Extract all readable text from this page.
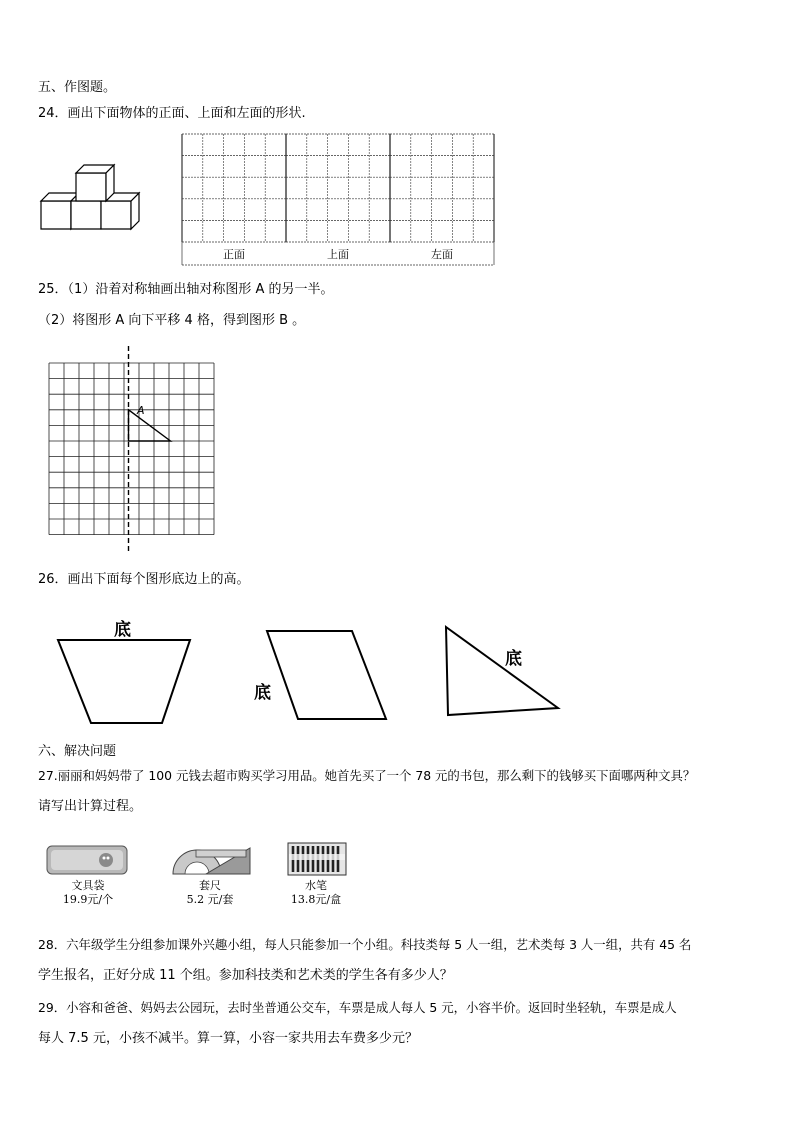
五、作图题。
24．画出下面物体的正面、上面和左面的形状.
正面	上面	左面
25．（1）沿着对称轴画出轴对称图形 A 的另一半。
（2）将图形 A 向下平移 4 格，得到图形 B 。
A
26．画出下面每个图形底边上的高。
底
底
底
六、解决问题
27.丽丽和妈妈带了 100 元钱去超市购买学习用品。她首先买了一个 78 元的书包，那么剩下的钱够买下面哪两种文具？
请写出计算过程。
文具袋
19.9元/个
套尺
5.2 元/套
水笔
13.8元/盒
28．六年级学生分组参加课外兴趣小组，每人只能参加一个小组。科技类每 5 人一组，艺术类每 3 人一组，共有 45 名
学生报名，正好分成 11 个组。参加科技类和艺术类的学生各有多少人？
29．小容和爸爸、妈妈去公园玩，去时坐普通公交车，车票是成人每人 5 元，小容半价。返回时坐轻轨，车票是成人
每人 7.5 元，小孩不减半。算一算，小容一家共用去车费多少元？
